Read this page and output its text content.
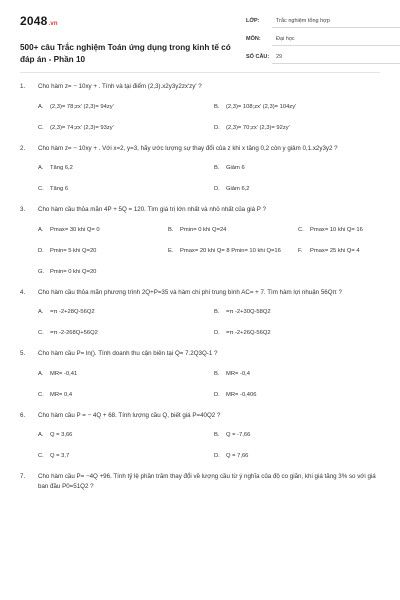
2048.vn
500+ câu Trắc nghiệm Toán ứng dụng trong kinh tế có đáp án - Phần 10
LỚP:	Trắc nghiệm tổng hợp
MÔN:	Đại học
SỐ CÂU: 29
1. Cho hàm z= − 10xy + . Tính và tại điểm (2,3).x2y3y2zx'zy' ?
A. (2,3)= 78;zx' (2,3)= 94zy'	B. (2,3)= 108;zx' (2,3)= 104zy'
C. (2,3)= 74;zx' (2,3)= 93zy'	D. (2,3)= 70;zx' (2,3)= 92zy'
2. Cho hàm z= − 10xy + . Với x=2, y=3, hãy ước lượng sự thay đổi của z khi x tăng 0,2 còn y giảm 0,1.x2y3y2 ?
A. Tăng 6,2	B. Giảm 6
C. Tăng 6	D. Giảm 6,2
3. Cho hàm cầu thỏa mãn 4P + 5Q = 120. Tìm giá trị lớn nhất và nhỏ nhất của giá P ?
A. Pmax= 30 khi Q= 0	B. Pmin= 0 khi Q=24	C. Pmax= 10 khi Q= 16
D. Pmin= 5 khi Q=20	E. Pmax= 20 khi Q= 8 Pmin= 10 khi Q=16	F. Pmax= 25 khi Q= 4
G. Pmin= 0 khi Q=20
4. Cho hàm cầu thỏa mãn phương trình 2Q+P=35 và hàm chi phí trung bình AC= + 7. Tìm hàm lợi nhuận 56Qπ ?
A. =π -2+28Q-56Q2	B. =π -2+30Q-58Q2
C. =π -2-268Q+56Q2	D. =π -2+26Q-56Q2
5. Cho hàm cầu P= ln(). Tính doanh thu cận biên tại Q= 7.2Q3Q-1 ?
A. MR= -0,41	B. MR= -0,4
C. MR= 0,4	D. MR= -0,406
6. Cho hàm cầu P = − 4Q + 68. Tính lượng cầu Q, biết giá P=40Q2 ?
A. Q = 3,66	B. Q = -7,66
C. Q = 3,7	D. Q = 7,66
7. Cho hàm cầu P= −4Q +96. Tính tỷ lệ phần trăm thay đổi về lượng cầu từ ý nghĩa của độ co giãn, khi giá tăng 3% so với giá ban đầu P0=51Q2 ?
